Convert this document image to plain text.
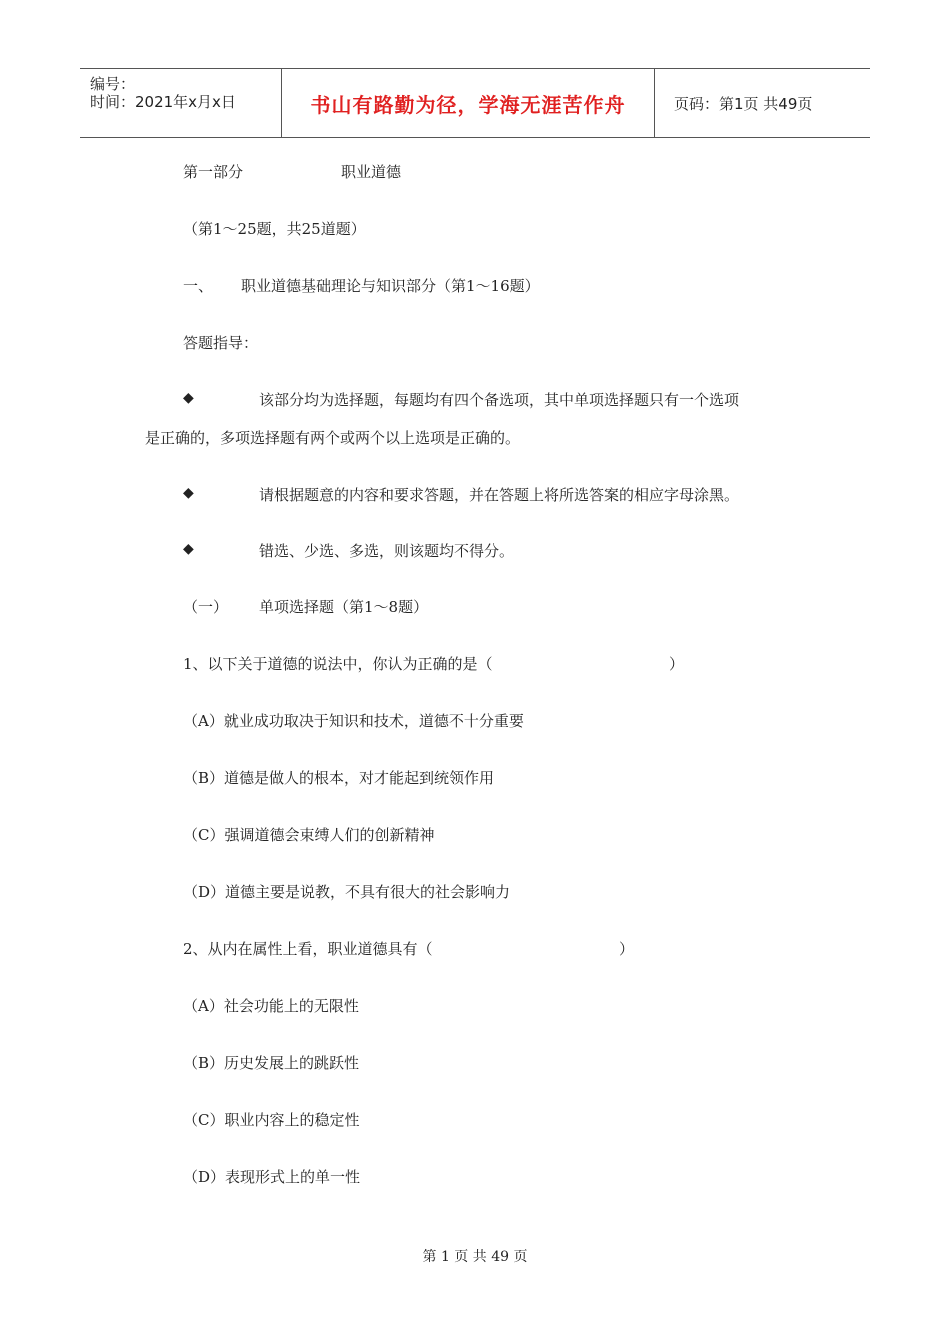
编号：
时间：2021年x月x日	书山有路勤为径，学海无涯苦作舟	页码：第1页 共49页
第一部分	职业道德
（第1～25题，共25道题）
一、 职业道德基础理论与知识部分（第1～16题）
答题指导：
◆	该部分均为选择题，每题均有四个备选项，其中单项选择题只有一个选项
是正确的，多项选择题有两个或两个以上选项是正确的。
◆	请根据题意的内容和要求答题，并在答题上将所选答案的相应字母涂黑。
◆	错选、少选、多选，则该题均不得分。
（一） 单项选择题（第1～8题）
1、以下关于道德的说法中，你认为正确的是（	）
（A）就业成功取决于知识和技术，道德不十分重要
（B）道德是做人的根本，对才能起到统领作用
（C）强调道德会束缚人们的创新精神
（D）道德主要是说教，不具有很大的社会影响力
2、从内在属性上看，职业道德具有（	）
（A）社会功能上的无限性
（B）历史发展上的跳跃性
（C）职业内容上的稳定性
（D）表现形式上的单一性
第 1 页 共 49 页
